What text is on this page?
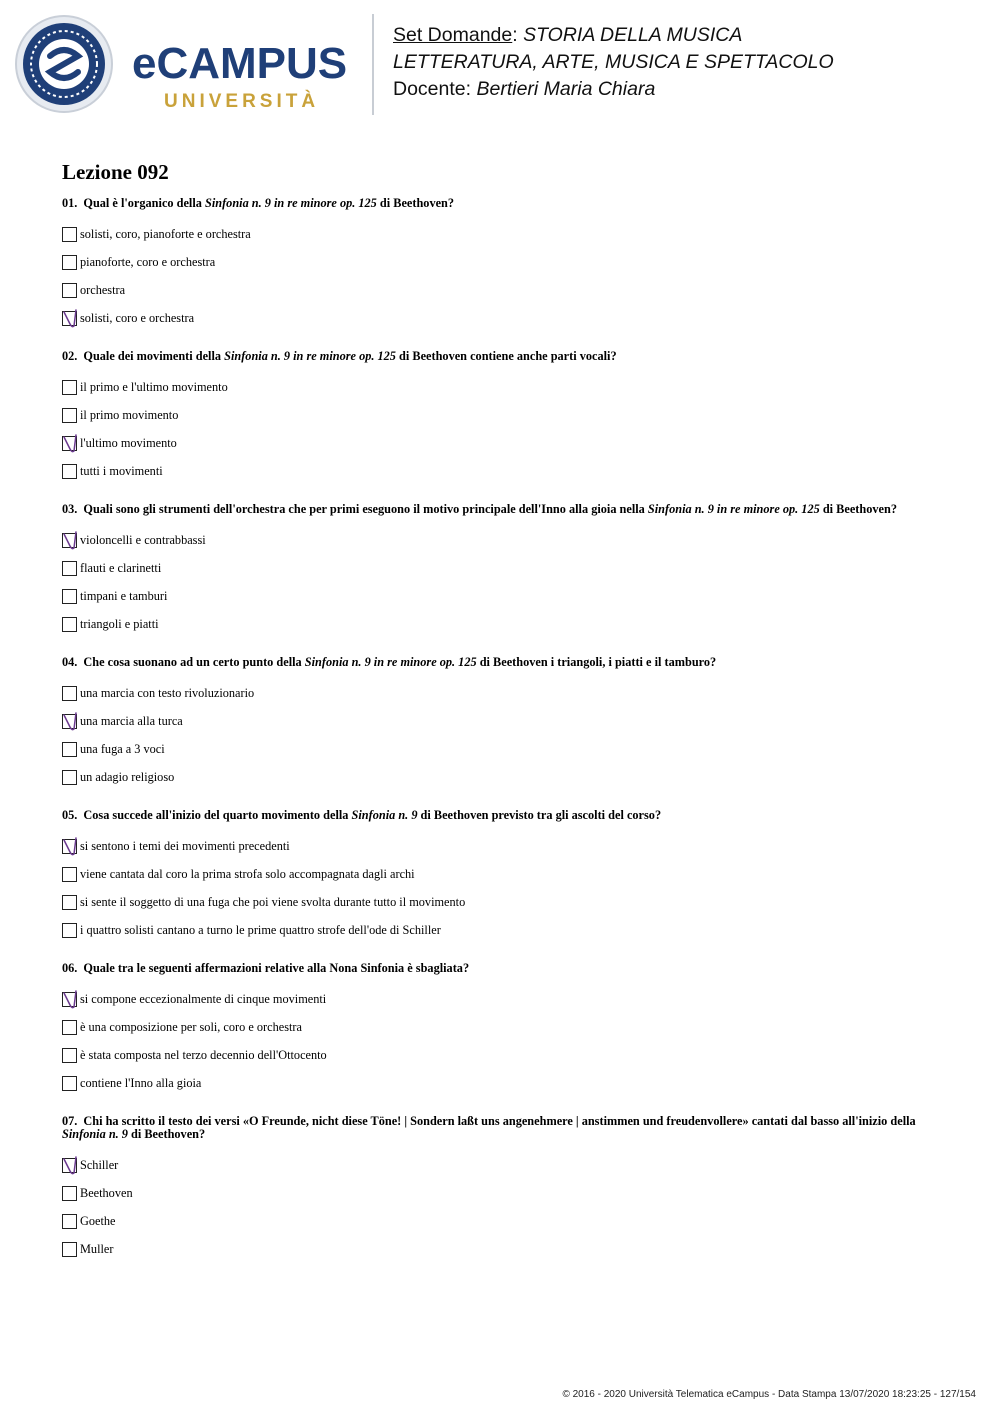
eCAMPUS
UNIVERSITÀ
Set Domande: STORIA DELLA MUSICA
LETTERATURA, ARTE, MUSICA E SPETTACOLO
Docente: Bertieri Maria Chiara
Lezione 092
01. Qual è l'organico della Sinfonia n. 9 in re minore op. 125 di Beethoven?
solisti, coro, pianoforte e orchestra
pianoforte, coro e orchestra
orchestra
solisti, coro e orchestra
02. Quale dei movimenti della Sinfonia n. 9 in re minore op. 125 di Beethoven contiene anche parti vocali?
il primo e l'ultimo movimento
il primo movimento
l'ultimo movimento
tutti i movimenti
03. Quali sono gli strumenti dell'orchestra che per primi eseguono il motivo principale dell'Inno alla gioia nella Sinfonia n. 9 in re minore op. 125 di Beethoven?
violoncelli e contrabbassi
flauti e clarinetti
timpani e tamburi
triangoli e piatti
04. Che cosa suonano ad un certo punto della Sinfonia n. 9 in re minore op. 125 di Beethoven i triangoli, i piatti e il tamburo?
una marcia con testo rivoluzionario
una marcia alla turca
una fuga a 3 voci
un adagio religioso
05. Cosa succede all'inizio del quarto movimento della Sinfonia n. 9 di Beethoven previsto tra gli ascolti del corso?
si sentono i temi dei movimenti precedenti
viene cantata dal coro la prima strofa solo accompagnata dagli archi
si sente il soggetto di una fuga che poi viene svolta durante tutto il movimento
i quattro solisti cantano a turno le prime quattro strofe dell'ode di Schiller
06. Quale tra le seguenti affermazioni relative alla Nona Sinfonia è sbagliata?
si compone eccezionalmente di cinque movimenti
è una composizione per soli, coro e orchestra
è stata composta nel terzo decennio dell'Ottocento
contiene l'Inno alla gioia
07. Chi ha scritto il testo dei versi «O Freunde, nicht diese Töne! | Sondern laßt uns angenehmere | anstimmen und freudenvollere» cantati dal basso all'inizio della Sinfonia n. 9 di Beethoven?
Schiller
Beethoven
Goethe
Muller
© 2016 - 2020 Università Telematica eCampus - Data Stampa 13/07/2020 18:23:25 - 127/154
